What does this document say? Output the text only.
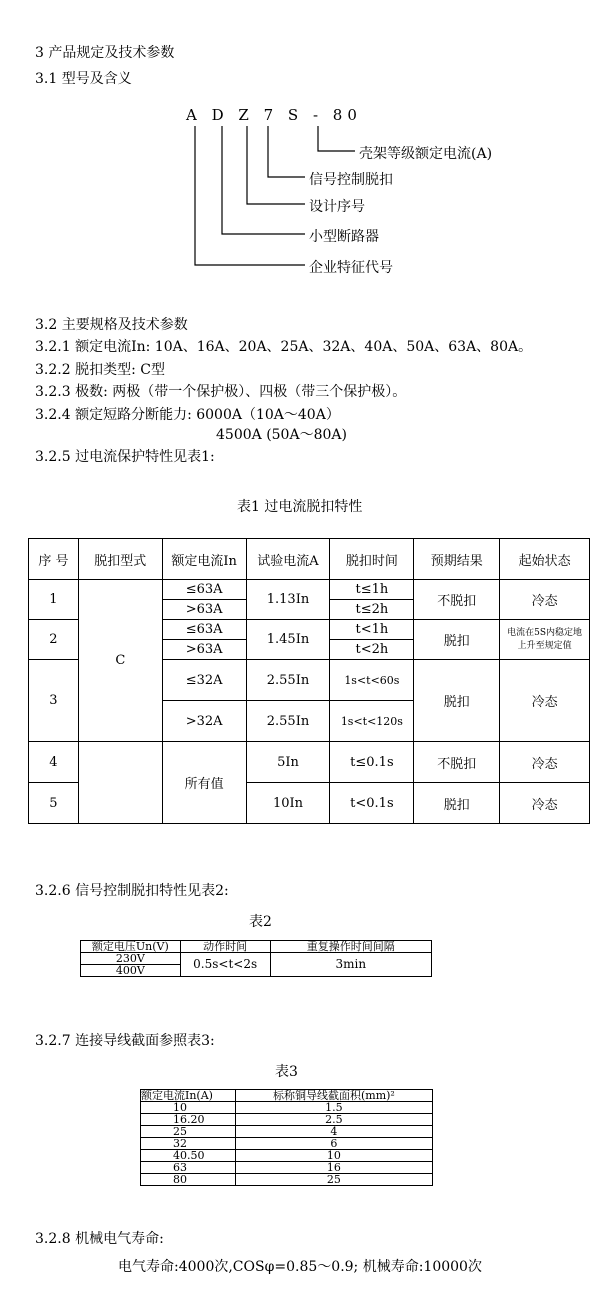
3 产品规定及技术参数
3.1 型号及含义
A D Z 7 S - 80
壳架等级额定电流(A)
信号控制脱扣
设计序号
小型断路器
企业特征代号
3.2 主要规格及技术参数
3.2.1 额定电流In: 10A、16A、20A、25A、32A、40A、50A、63A、80A。
3.2.2 脱扣类型: C型
3.2.3 极数: 两极（带一个保护极）、四极（带三个保护极）。
3.2.4 额定短路分断能力: 6000A（10A～40A）
4500A (50A～80A)
3.2.5 过电流保护特性见表1:
表1 过电流脱扣特性
序 号	脱扣型式	额定电流In	试验电流A	脱扣时间	预期结果	起始状态
1	C	≤63A	1.13In	t≤1h	不脱扣	冷态
		>63A		t≤2h		
2		≤63A	1.45In	t<1h	脱扣	电流在5S内稳定地上升至规定值
		>63A		t<2h		
3		≤32A	2.55In	1s<t<60s	脱扣	冷态
		>32A	2.55In	1s<t<120s		
4		所有值	5In	t≤0.1s	不脱扣	冷态
5			10In	t<0.1s	脱扣	冷态
3.2.6 信号控制脱扣特性见表2:
表2
额定电压Un(V)	动作时间	重复操作时间间隔
230V	0.5s<t<2s	3min
400V		
3.2.7 连接导线截面参照表3:
表3
额定电流In(A)	标称铜导线截面积(mm)²
10	1.5
16.20	2.5
25	4
32	6
40.50	10
63	16
80	25
3.2.8 机械电气寿命:
电气寿命:4000次,COSφ=0.85～0.9; 机械寿命:10000次
